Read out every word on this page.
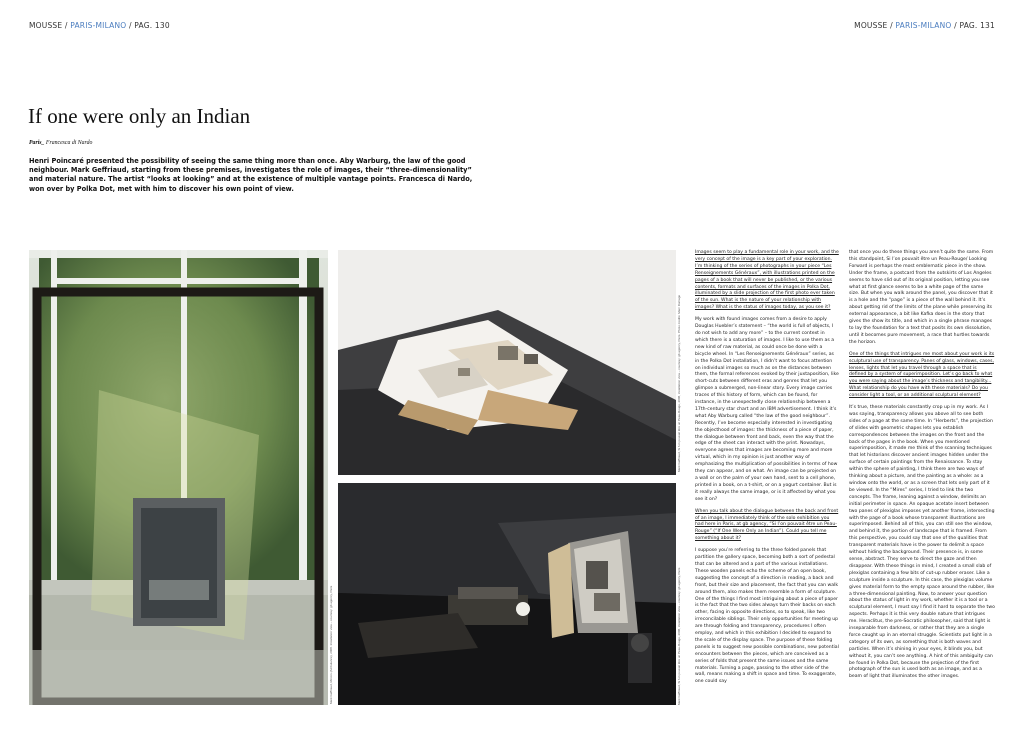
MOUSSE / PARIS-MILANO / PAG. 130	MOUSSE / PARIS-MILANO / PAG. 131
If one were only an Indian
Paris_ Francesca di Nardo
Henri Poincaré presented the possibility of seeing the same thing more than once. Aby Warburg, the law of the good neighbour. Mark Geffriaud, starting from these premises, investigates the role of images, their “three-dimensionality” and material nature. The artist “looks at looking” and at the existence of multiple vantage points. Francesca di Nardo, won over by Polka Dot, met with him to discover his own point of view.
Mark Geffriaud, Mirrors (Ambulance), 2008. Installation view – courtesy: gb agency, Paris
Mark Geffriaud, Si l'on pouvait être un Peau-Rouge, 2008, installation view – courtesy: gb agency, Paris. Photo credits: Marc Domage
Mark Geffriaud, Si l'on pouvait être un Peau-Rouge, 2008, installation view – courtesy: gb agency, Paris

Images seem to play a fundamental role in your work, and the very concept of the image is a key part of your exploration. I’m thinking of the series of photographs in your piece “Les Renseignements Généraux”, with illustrations printed on the pages of a book that will never be published, or the various contents, formats and surfaces of the images in Polka Dot, illuminated by a slide projection of the first photo ever taken of the sun. What is the nature of your relationship with images? What is the status of images today, as you see it?

My work with found images comes from a desire to apply Douglas Huebler’s statement – “the world is full of objects, I do not wish to add any more” – to the current context in which there is a saturation of images. I like to use them as a new kind of raw material, as could once be done with a bicycle wheel. In “Les Renseignements Généraux” series, as in the Polka Dot installation, I didn’t want to focus attention on individual images so much as on the distances between them, the formal references evoked by their juxtaposition, like short-cuts between different eras and genres that let you glimpse a submerged, non-linear story. Every image carries traces of this history of form, which can be found, for instance, in the unexpectedly close relationship between a 17th-century star chart and an IBM advertisement. I think it’s what Aby Warburg called “the law of the good neighbour”. Recently, I’ve become especially interested in investigating the objecthood of images: the thickness of a piece of paper, the dialogue between front and back, even the way that the edge of the sheet can interact with the print. Nowadays, everyone agrees that images are becoming more and more virtual, which in my opinion is just another way of emphasizing the multiplication of possibilities in terms of how they can appear, and on what. An image can be projected on a wall or on the palm of your own hand, sent to a cell phone, printed in a book, on a t-shirt, or on a yogurt container. But is it really always the same image, or is it affected by what you see it on?

When you talk about the dialogue between the back and front of an image, I immediately think of the solo exhibition you had here in Paris, at gb agency, “Si l’on pouvait être un Peau-Rouge” (“If One Were Only an Indian”). Could you tell me something about it?

I suppose you’re referring to the three folded panels that partition the gallery space, becoming both a sort of pedestal that can be altered and a part of the various installations. These wooden panels echo the scheme of an open book, suggesting the concept of a direction in reading, a back and front, but their size and placement, the fact that you can walk around them, also makes them resemble a form of sculpture. One of the things I find most intriguing about a piece of paper is the fact that the two sides always turn their backs on each other, facing in opposite directions, so to speak, like two irreconcilable siblings. Their only opportunities for meeting up are through folding and transparency, procedures I often employ, and which in this exhibition I decided to expand to the scale of the display space. The purpose of these folding panels is to suggest new possible combinations, new potential encounters between the pieces, which are conceived as a series of folds that present the same issues and the same materials. Turning a page, passing to the other side of the wall, means making a shift in space and time. To exaggerate, one could say

that once you do these things you aren’t quite the same. From this standpoint, Si l’on pouvait être un Peau-Rouge/ Looking Forward is perhaps the most emblematic piece in the show. Under the frame, a postcard from the outskirts of Los Angeles seems to have slid out of its original position, letting you see what at first glance seems to be a white page of the same size. But when you walk around the panel, you discover that it is a hole and the “page” is a piece of the wall behind it. It’s about getting rid of the limits of the plane while preserving its external appearance, a bit like Kafka does in the story that gives the show its title, and which in a single phrase manages to lay the foundation for a text that posits its own dissolution, until it becomes pure movement, a race that hurtles towards the horizon.

One of the things that intrigues me most about your work is its sculptural use of transparency. Panes of glass, windows, cases, lenses, lights that let you travel through a space that is defined by a system of superimposition. Let’s go back to what you were saying about the image’s thickness and tangibility... What relationship do you have with these materials? Do you consider light a tool, or an additional sculptural element?

It’s true, these materials constantly crop up in my work. As I was saying, transparency allows you above all to see both sides of a page at the same time. In “Herberts”, the projection of slides with geometric shapes lets you establish correspondences between the images on the front and the back of the pages in the book. When you mentioned superimposition, it made me think of the scanning techniques that let historians discover ancient images hidden under the surface of certain paintings from the Renaissance. To stay within the sphere of painting, I think there are two ways of thinking about a picture, and the painting as a whole: as a window onto the world, or as a screen that lets only part of it be viewed. In the “Mires” series, I tried to link the two concepts. The frame, leaning against a window, delimits an initial perimeter in space. An opaque acetate insert between two panes of plexiglas imposes yet another frame, intersecting with the page of a book whose transparent illustrations are superimposed. Behind all of this, you can still see the window, and behind it, the portion of landscape that is framed. From this perspective, you could say that one of the qualities that transparent materials have is the power to delimit a space without hiding the background. Their presence is, in some sense, abstract. They serve to direct the gaze and then disappear. With these things in mind, I created a small slab of plexiglas containing a few bits of cut-up rubber eraser. Like a sculpture inside a sculpture. In this case, the plexiglas volume gives material form to the empty space around the rubber, like a three-dimensional painting. Now, to answer your question about the status of light in my work, whether it is a tool or a sculptural element, I must say I find it hard to separate the two aspects. Perhaps it is this very double nature that intrigues me. Heraclitus, the pre-Socratic philosopher, said that light is inseparable from darkness, or rather that they are a single force caught up in an eternal struggle. Scientists put light in a category of its own, as something that is both waves and particles. When it’s shining in your eyes, it blinds you, but without it, you can’t see anything. A hint of this ambiguity can be found in Polka Dot, because the projection of the first photograph of the sun is used both as an image, and as a beam of light that illuminates the other images.
